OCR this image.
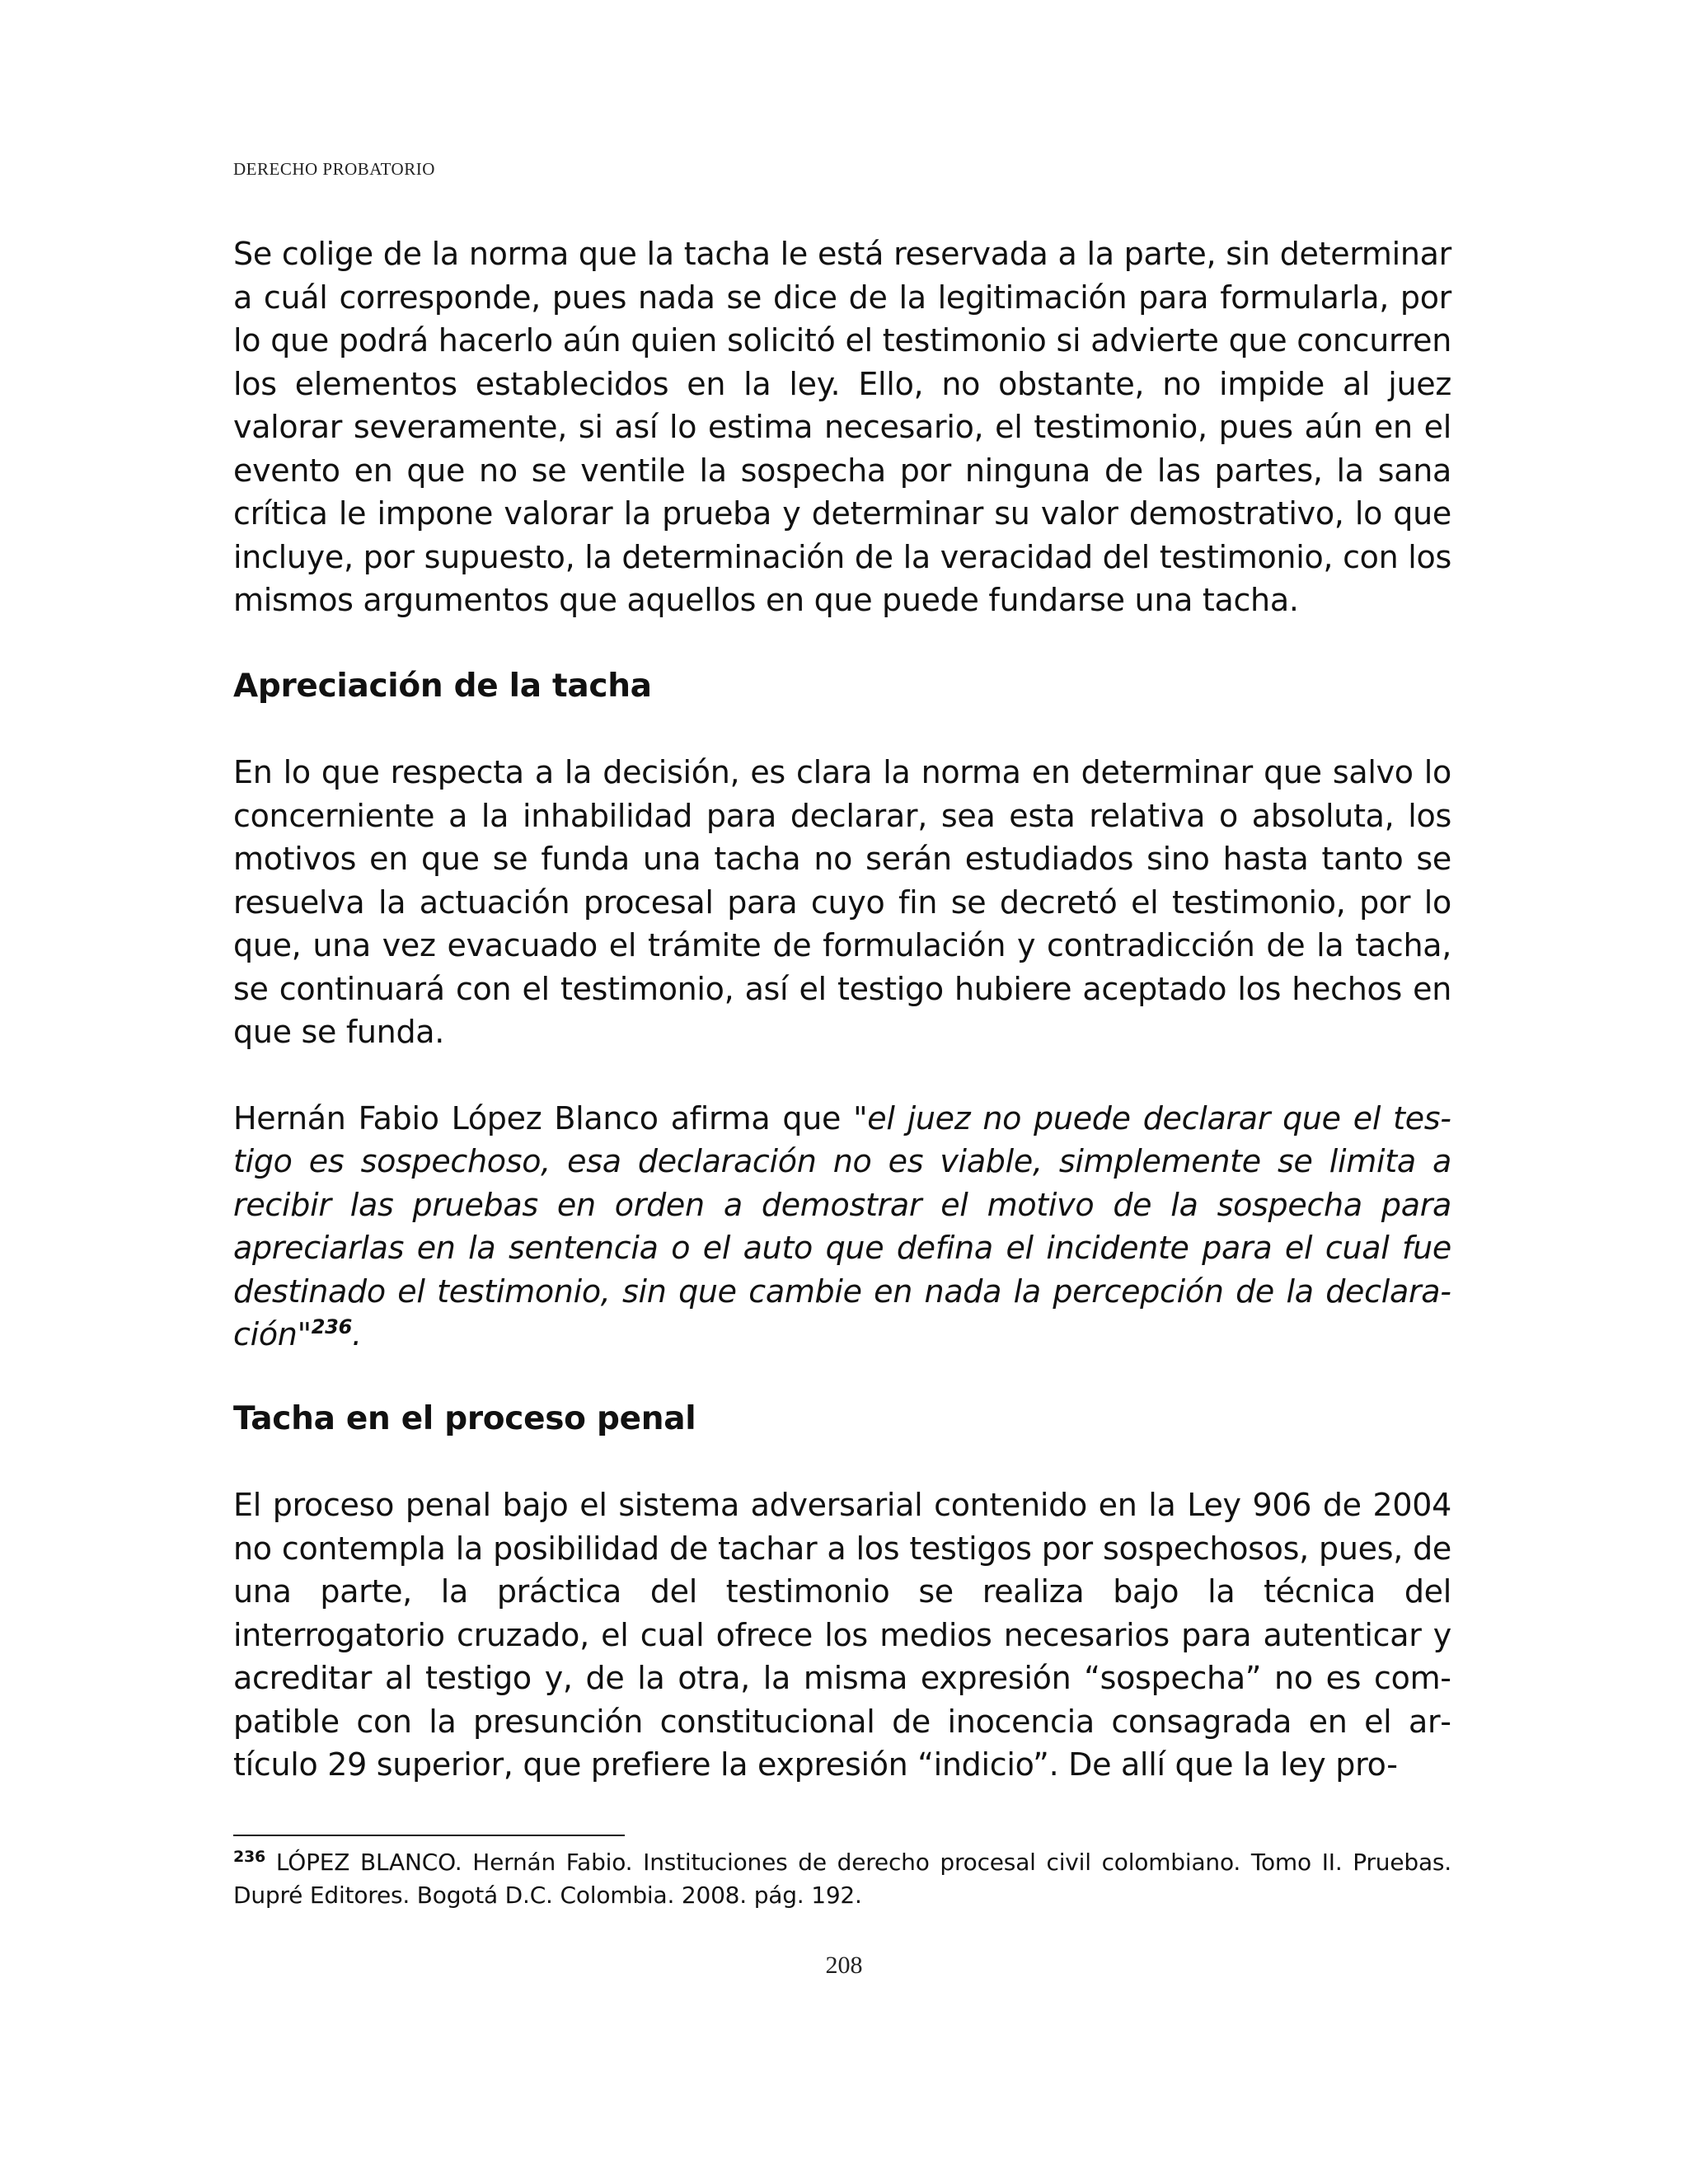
DERECHO PROBATORIO

Se colige de la norma que la tacha le está reservada a la parte, sin determinar a cuál corresponde, pues nada se dice de la legitimación para formularla, por lo que podrá hacerlo aún quien solicitó el testimonio si advierte que concurren los elementos establecidos en la ley. Ello, no obstante, no impide al juez valorar severamente, si así lo estima necesario, el testimonio, pues aún en el evento en que no se ventile la sospecha por ninguna de las partes, la sana crítica le impone valorar la prueba y determinar su valor demostrativo, lo que incluye, por supuesto, la determinación de la veracidad del testimonio, con los mismos argumentos que aquellos en que puede fundarse una tacha.

Apreciación de la tacha

En lo que respecta a la decisión, es clara la norma en determinar que salvo lo concerniente a la inhabilidad para declarar, sea esta relativa o absoluta, los motivos en que se funda una tacha no serán estudiados sino hasta tanto se resuelva la actuación procesal para cuyo fin se decretó el testimonio, por lo que, una vez evacuado el trámite de formulación y contradicción de la tacha, se continuará con el testimonio, así el testigo hubiere aceptado los hechos en que se funda.

Hernán Fabio López Blanco afirma que "el juez no puede declarar que el testigo es sospechoso, esa declaración no es viable, simplemente se limita a recibir las pruebas en orden a demostrar el motivo de la sospecha para apreciarlas en la sentencia o el auto que defina el incidente para el cual fue destinado el testimonio, sin que cambie en nada la percepción de la declaración"$^{236}$.

Tacha en el proceso penal

El proceso penal bajo el sistema adversarial contenido en la Ley 906 de 2004 no contempla la posibilidad de tachar a los testigos por sospechosos, pues, de una parte, la práctica del testimonio se realiza bajo la técnica del interrogatorio cruzado, el cual ofrece los medios necesarios para autenticar y acreditar al testigo y, de la otra, la misma expresión “sospecha” no es compatible con la presunción constitucional de inocencia consagrada en el artículo 29 superior, que prefiere la expresión “indicio”. De allí que la ley pro-

$^{236}$ LÓPEZ BLANCO. Hernán Fabio. Instituciones de derecho procesal civil colombiano. Tomo II. Pruebas. Dupré Editores. Bogotá D.C. Colombia. 2008. pág. 192.
208
